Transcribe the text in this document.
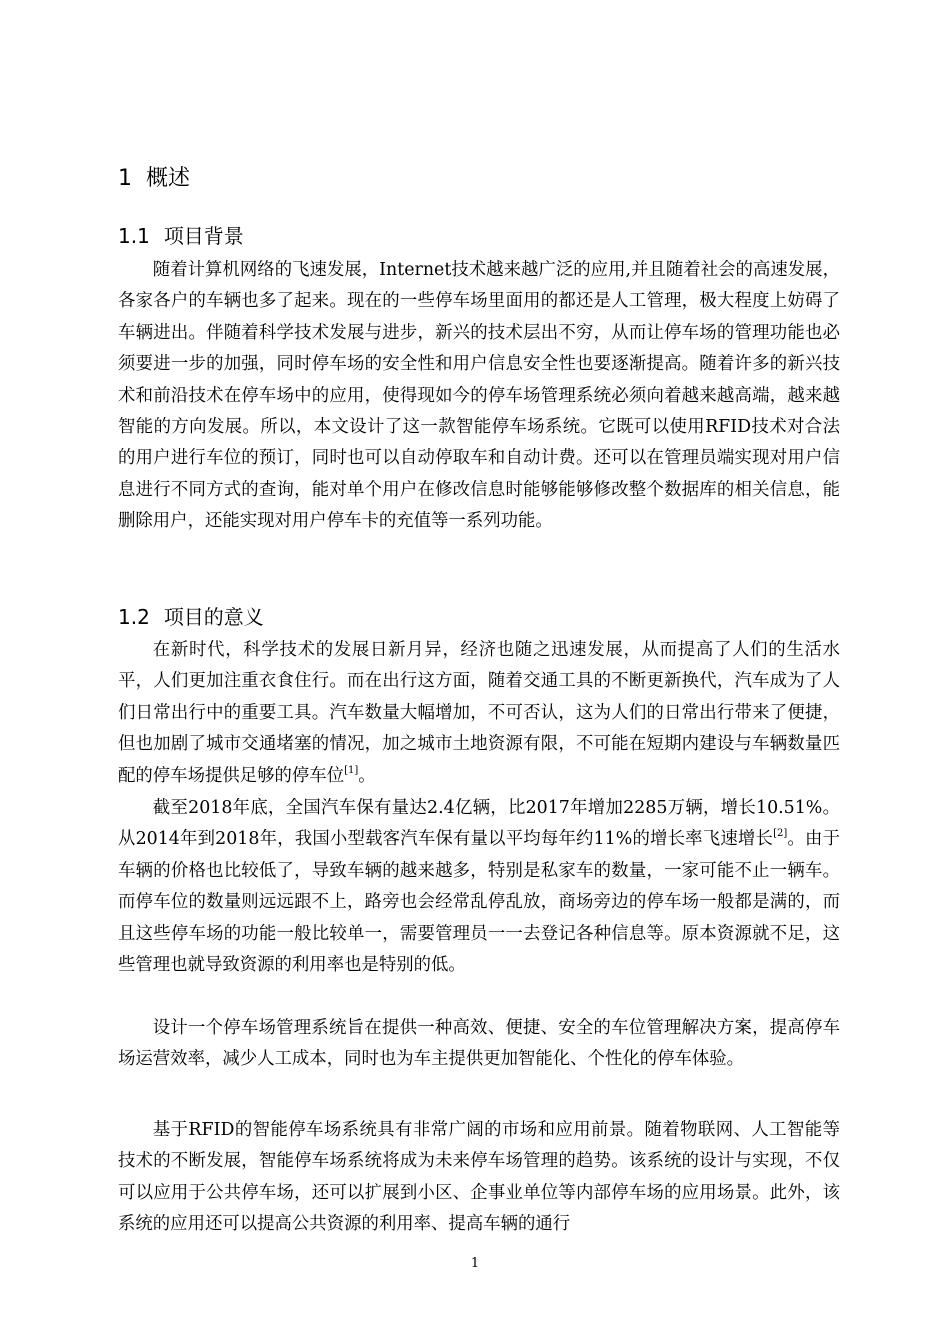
1 概述
1.1 项目背景

随着计算机网络的飞速发展，Internet技术越来越广泛的应用,并且随着社会的高速发展，各家各户的车辆也多了起来。现在的一些停车场里面用的都还是人工管理，极大程度上妨碍了车辆进出。伴随着科学技术发展与进步，新兴的技术层出不穷，从而让停车场的管理功能也必须要进一步的加强，同时停车场的安全性和用户信息安全性也要逐渐提高。随着许多的新兴技术和前沿技术在停车场中的应用，使得现如今的停车场管理系统必须向着越来越高端，越来越智能的方向发展。所以，本文设计了这一款智能停车场系统。它既可以使用RFID技术对合法的用户进行车位的预订，同时也可以自动停取车和自动计费。还可以在管理员端实现对用户信息进行不同方式的查询，能对单个用户在修改信息时能够能够修改整个数据库的相关信息，能删除用户，还能实现对用户停车卡的充值等一系列功能。

1.2 项目的意义

在新时代，科学技术的发展日新月异，经济也随之迅速发展，从而提高了人们的生活水平，人们更加注重衣食住行。而在出行这方面，随着交通工具的不断更新换代，汽车成为了人们日常出行中的重要工具。汽车数量大幅增加，不可否认，这为人们的日常出行带来了便捷，但也加剧了城市交通堵塞的情况，加之城市土地资源有限，不可能在短期内建设与车辆数量匹配的停车场提供足够的停车位[1]。

截至2018年底，全国汽车保有量达2.4亿辆，比2017年增加2285万辆，增长10.51%。从2014年到2018年，我国小型载客汽车保有量以平均每年约11%的增长率飞速增长[2]。由于车辆的价格也比较低了，导致车辆的越来越多，特别是私家车的数量，一家可能不止一辆车。而停车位的数量则远远跟不上，路旁也会经常乱停乱放，商场旁边的停车场一般都是满的，而且这些停车场的功能一般比较单一，需要管理员一一去登记各种信息等。原本资源就不足，这些管理也就导致资源的利用率也是特别的低。

设计一个停车场管理系统旨在提供一种高效、便捷、安全的车位管理解决方案，提高停车场运营效率，减少人工成本，同时也为车主提供更加智能化、个性化的停车体验。

基于RFID的智能停车场系统具有非常广阔的市场和应用前景。随着物联网、人工智能等技术的不断发展，智能停车场系统将成为未来停车场管理的趋势。该系统的设计与实现，不仅可以应用于公共停车场，还可以扩展到小区、企事业单位等内部停车场的应用场景。此外，该系统的应用还可以提高公共资源的利用率、提高车辆的通行

1
